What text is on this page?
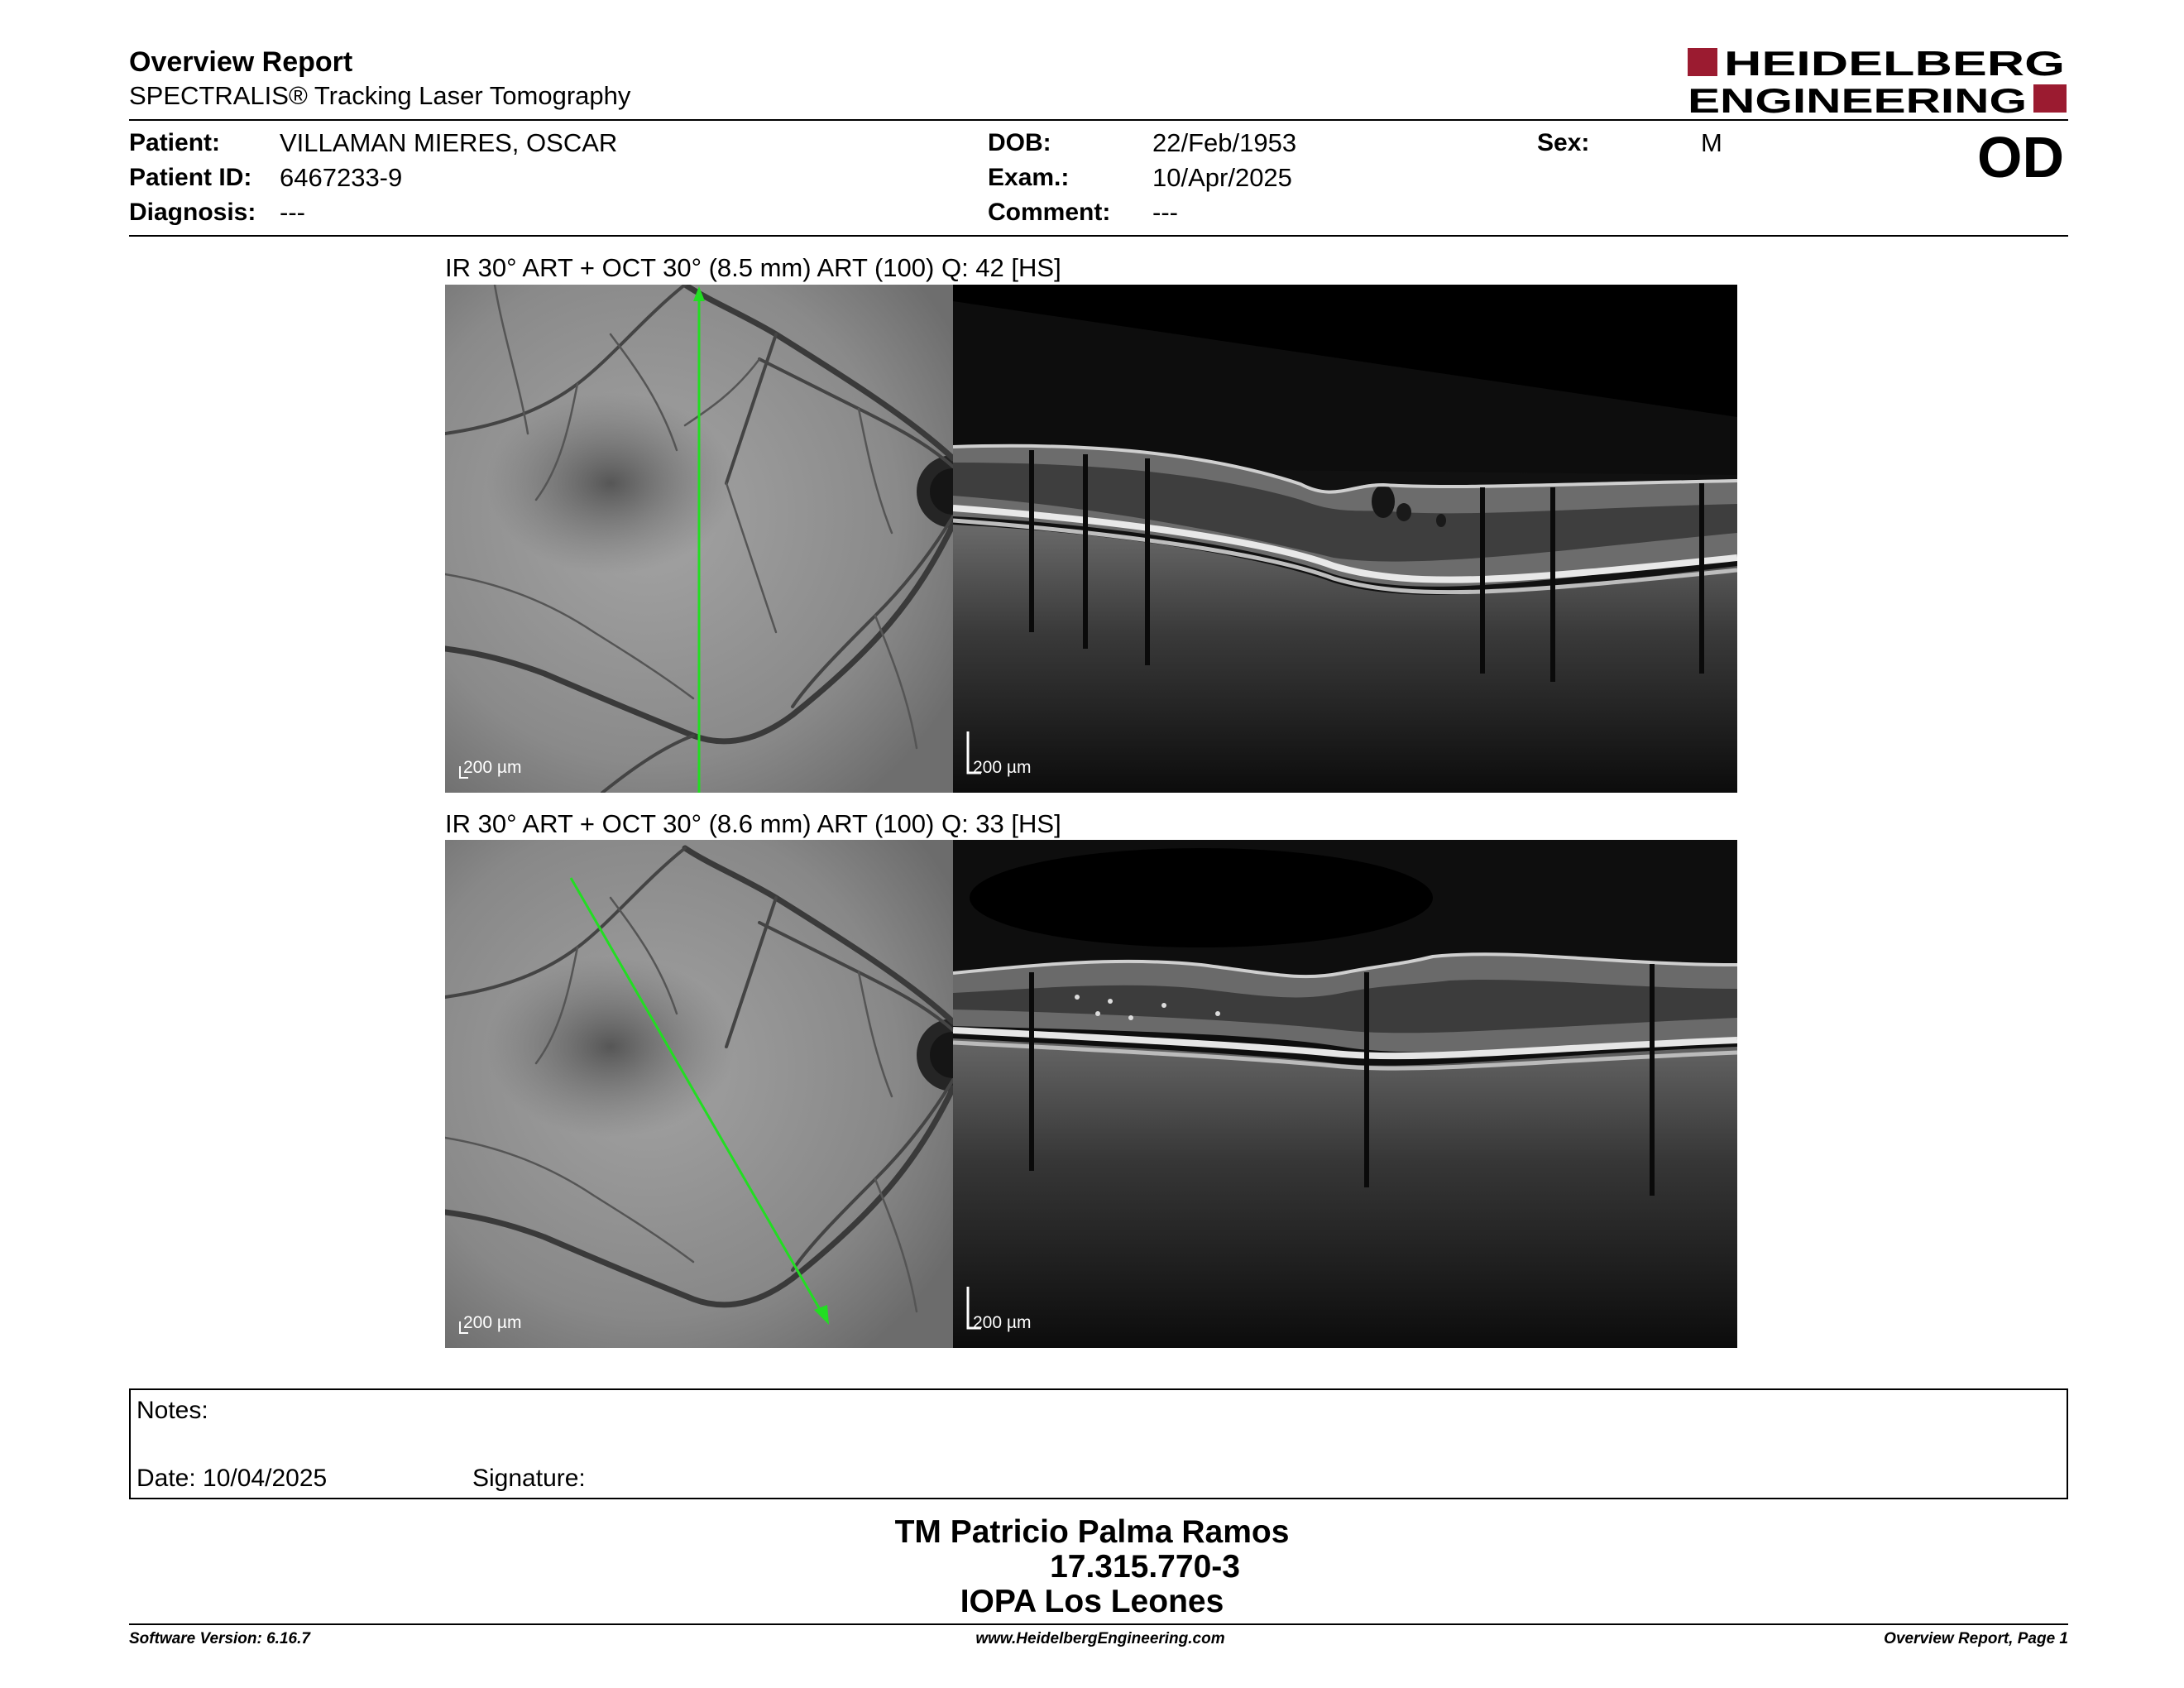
Overview Report
SPECTRALIS® Tracking Laser Tomography
HEIDELBERG
ENGINEERING
Patient: VILLAMAN MIERES, OSCAR
Patient ID: 6467233-9
Diagnosis: ---
DOB:	22/Feb/1953
Exam.:	10/Apr/2025
Comment: ---
Sex:	M	OD
IR 30° ART + OCT 30° (8.5 mm) ART (100) Q: 42 [HS]
200 µm	200 µm
IR 30° ART + OCT 30° (8.6 mm) ART (100) Q: 33 [HS]
200 µm	200 µm
Notes:
Date: 10/04/2025	Signature:
TM Patricio Palma Ramos
17.315.770-3
IOPA Los Leones
Software Version: 6.16.7	www.HeidelbergEngineering.com	Overview Report, Page 1
